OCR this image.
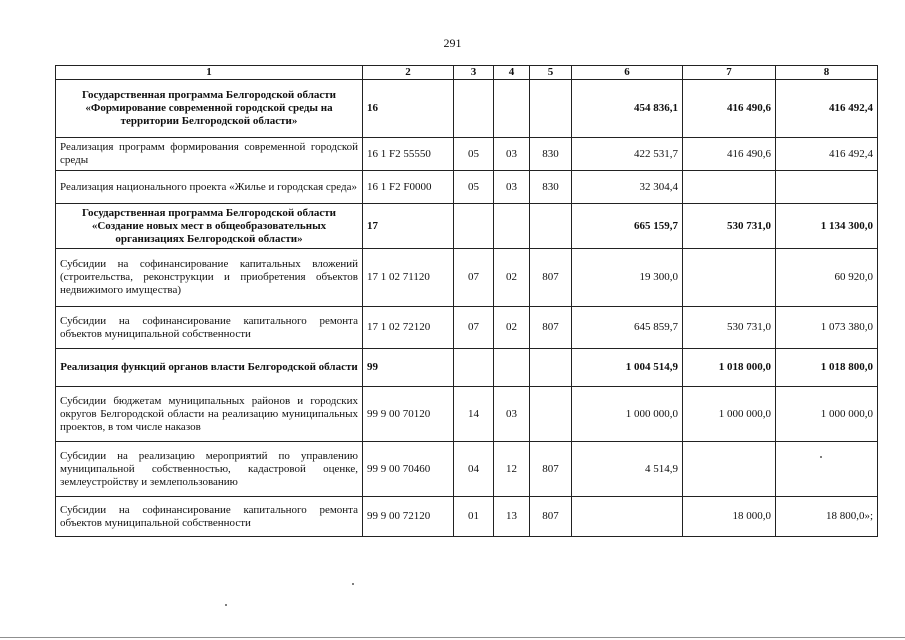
291
1	2	3	4	5	6	7	8
Государственная программа Белгородской области «Формирование современной городской среды на территории Белгородской области»	16				454 836,1	416 490,6	416 492,4
Реализация программ формирования современной городской среды	16 1 F2 55550	05	03	830	422 531,7	416 490,6	416 492,4
Реализация национального проекта «Жилье и городская среда»	16 1 F2 F0000	05	03	830	32 304,4		
Государственная программа Белгородской области «Создание новых мест в общеобразовательных организациях Белгородской области»	17				665 159,7	530 731,0	1 134 300,0
Субсидии на софинансирование капитальных вложений (строительства, реконструкции и приобретения объектов недвижимого имущества)	17 1 02 71120	07	02	807	19 300,0		60 920,0
Субсидии на софинансирование капитального ремонта объектов муниципальной собственности	17 1 02 72120	07	02	807	645 859,7	530 731,0	1 073 380,0
Реализация функций органов власти Белгородской области	99				1 004 514,9	1 018 000,0	1 018 800,0
Субсидии бюджетам муниципальных районов и городских округов Белгородской области на реализацию муниципальных проектов, в том числе наказов	99 9 00 70120	14	03		1 000 000,0	1 000 000,0	1 000 000,0
Субсидии на реализацию мероприятий по управлению муниципальной собственностью, кадастровой оценке, землеустройству и землепользованию	99 9 00 70460	04	12	807	4 514,9		
Субсидии на софинансирование капитального ремонта объектов муниципальной собственности	99 9 00 72120	01	13	807		18 000,0	18 800,0»;
